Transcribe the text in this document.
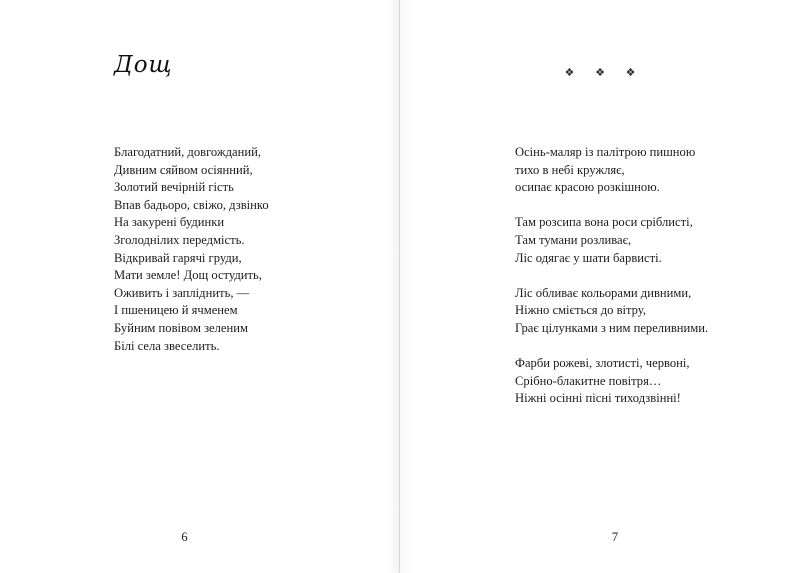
Дощ
Благодатний, довгожданий,
Дивним сяйвом осіянний,
Золотий вечірній гість
Впав бадьоро, свіжо, дзвінко
На закурені будинки
Зголоднілих передмість.
Відкривай гарячі груди,
Мати земле! Дощ остудить,
Оживить і запліднить, —
І пшеницею й ячменем
Буйним повівом зеленим
Білі села звеселить.
6
❖ ❖ ❖
Осінь-маляр із палітрою пишною
тихо в небі кружляє,
осипає красою розкішною.
Там розсипа вона роси сріблисті,
Там тумани розливає,
Ліс одягає у шати барвисті.
Ліс обливає кольорами дивними,
Ніжно сміється до вітру,
Грає цілунками з ним переливними.
Фарби рожеві, злотисті, червоні,
Срібно-блакитне повітря…
Ніжні осінні пісні тиходзвінні!
7
